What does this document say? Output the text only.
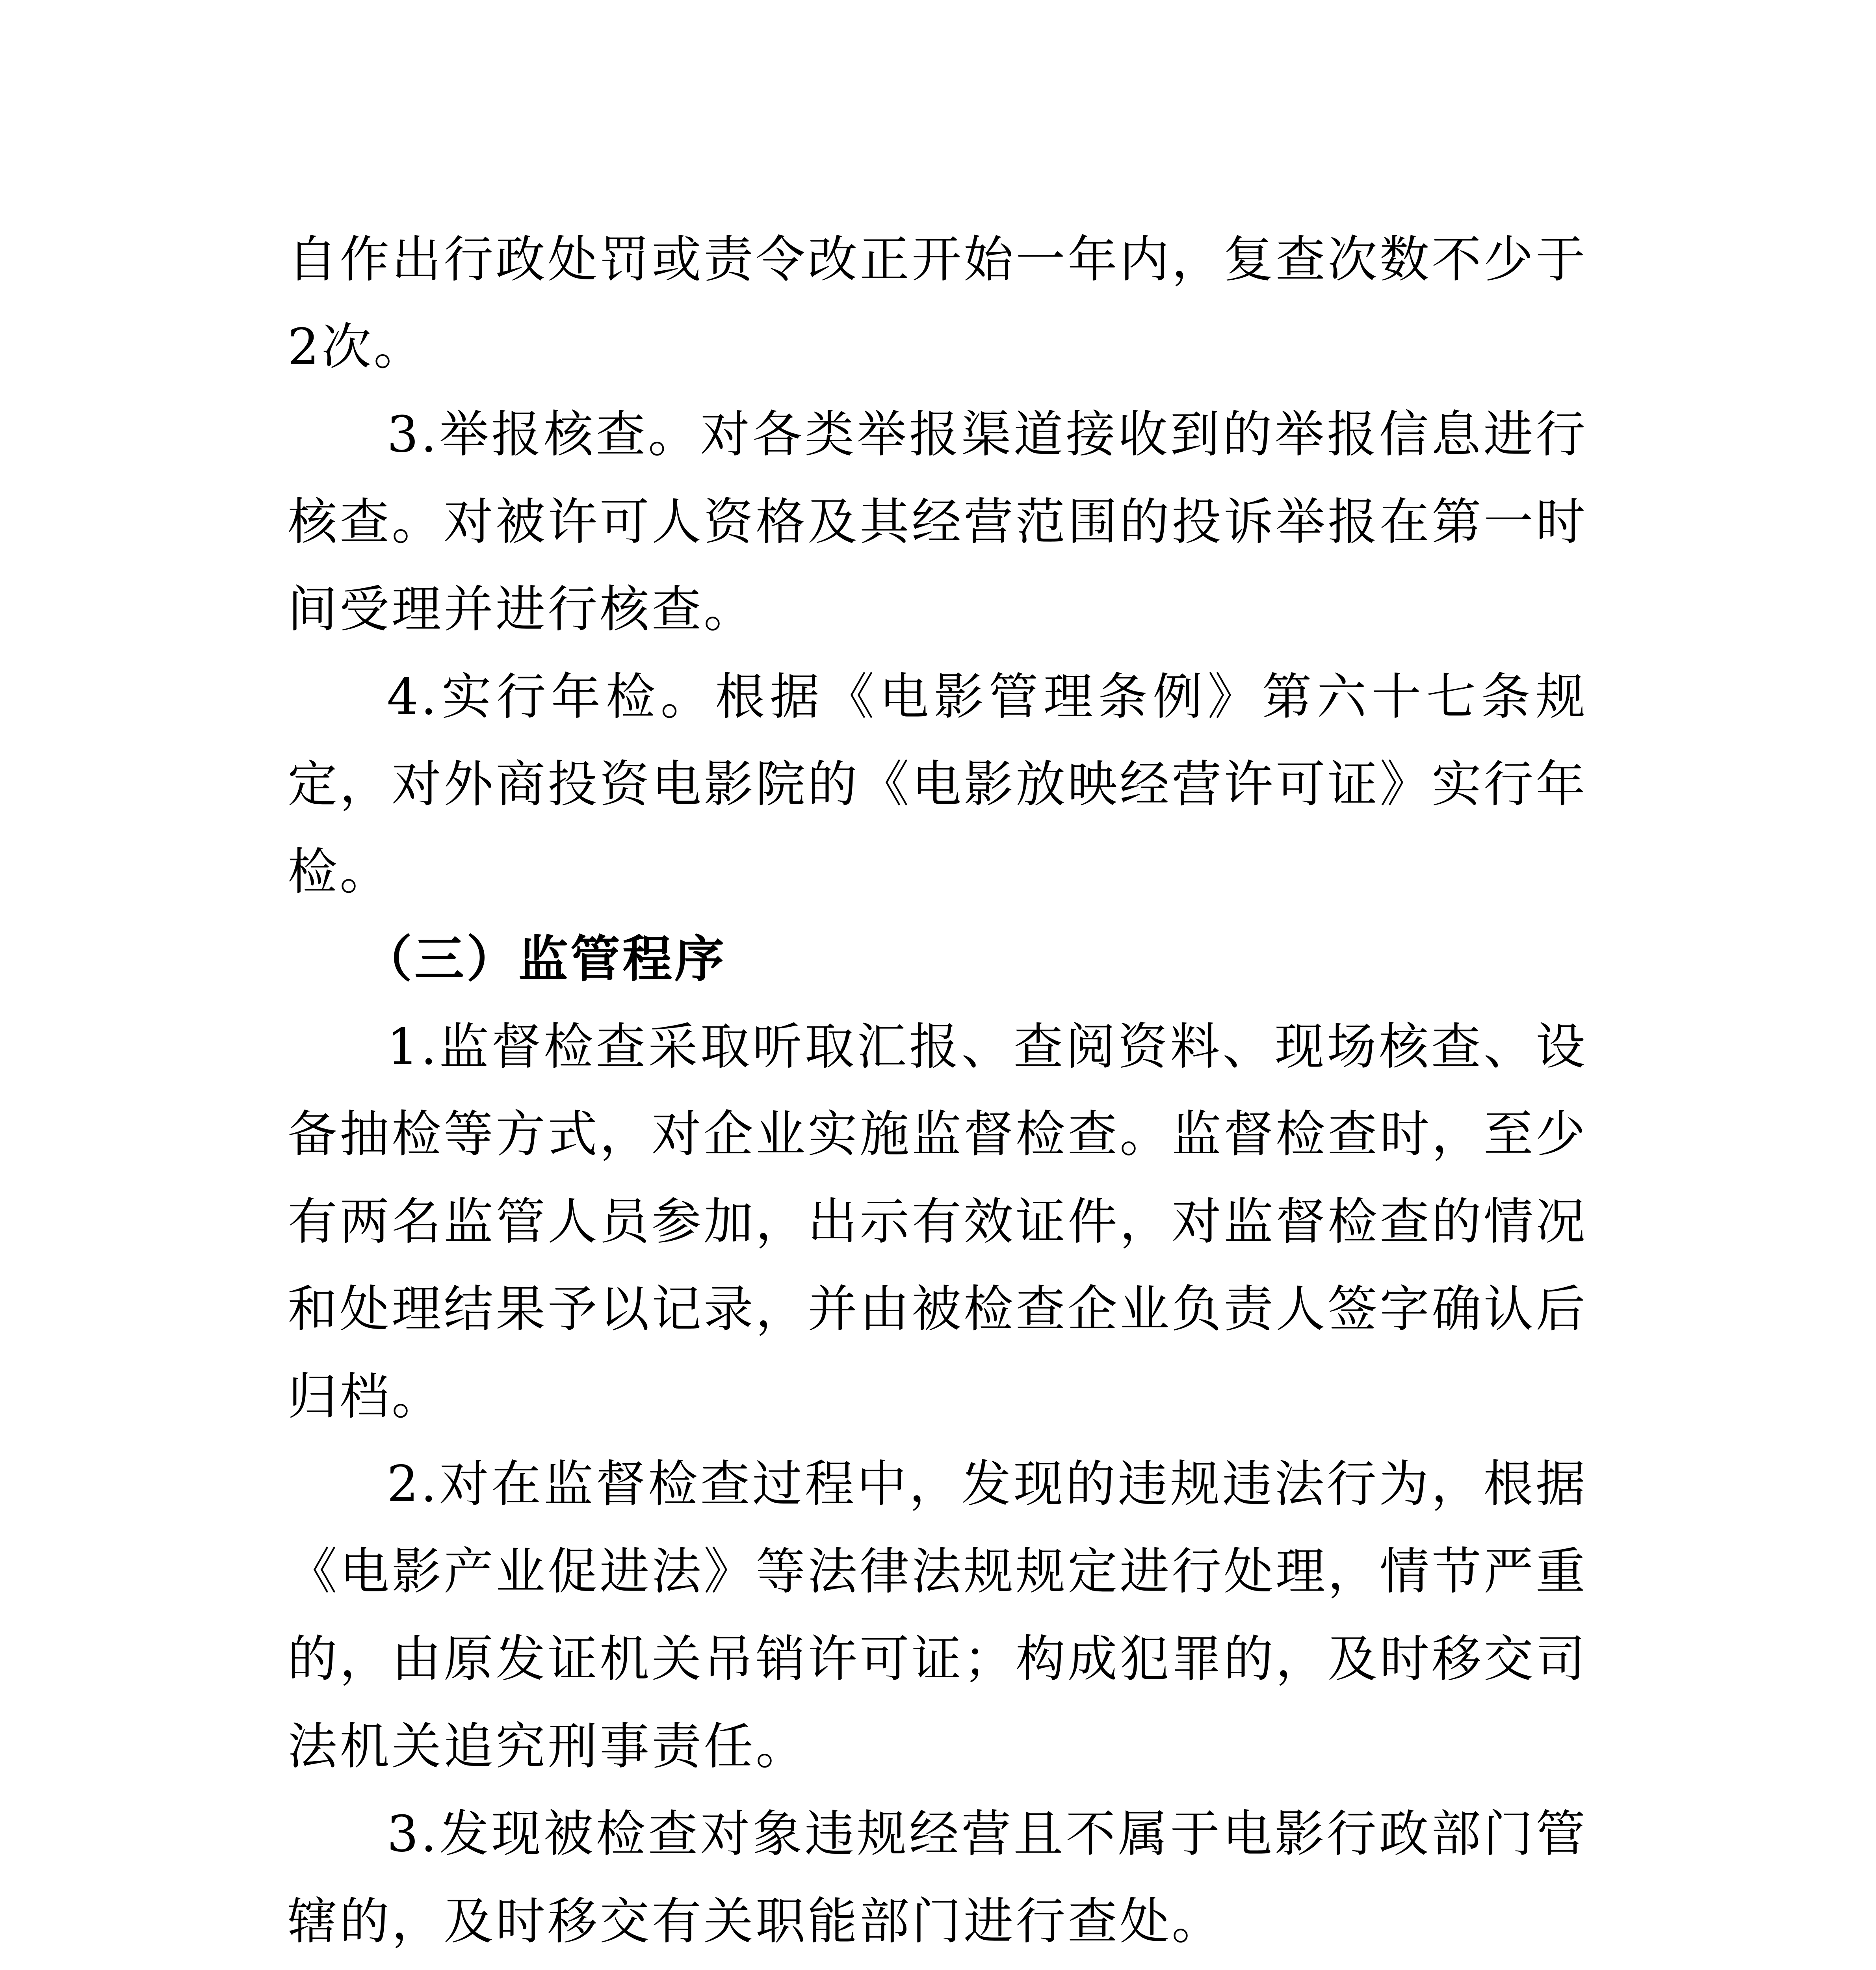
自作出行政处罚或责令改正开始一年内，复查次数不少于2次。

3.举报核查。对各类举报渠道接收到的举报信息进行核查。对被许可人资格及其经营范围的投诉举报在第一时间受理并进行核查。

4.实行年检。根据《电影管理条例》第六十七条规定，对外商投资电影院的《电影放映经营许可证》实行年检。

（三）监管程序

1.监督检查采取听取汇报、查阅资料、现场核查、设备抽检等方式，对企业实施监督检查。监督检查时，至少有两名监管人员参加，出示有效证件，对监督检查的情况和处理结果予以记录，并由被检查企业负责人签字确认后归档。

2.对在监督检查过程中，发现的违规违法行为，根据《电影产业促进法》等法律法规规定进行处理，情节严重的，由原发证机关吊销许可证；构成犯罪的，及时移交司法机关追究刑事责任。

3.发现被检查对象违规经营且不属于电影行政部门管辖的，及时移交有关职能部门进行查处。
